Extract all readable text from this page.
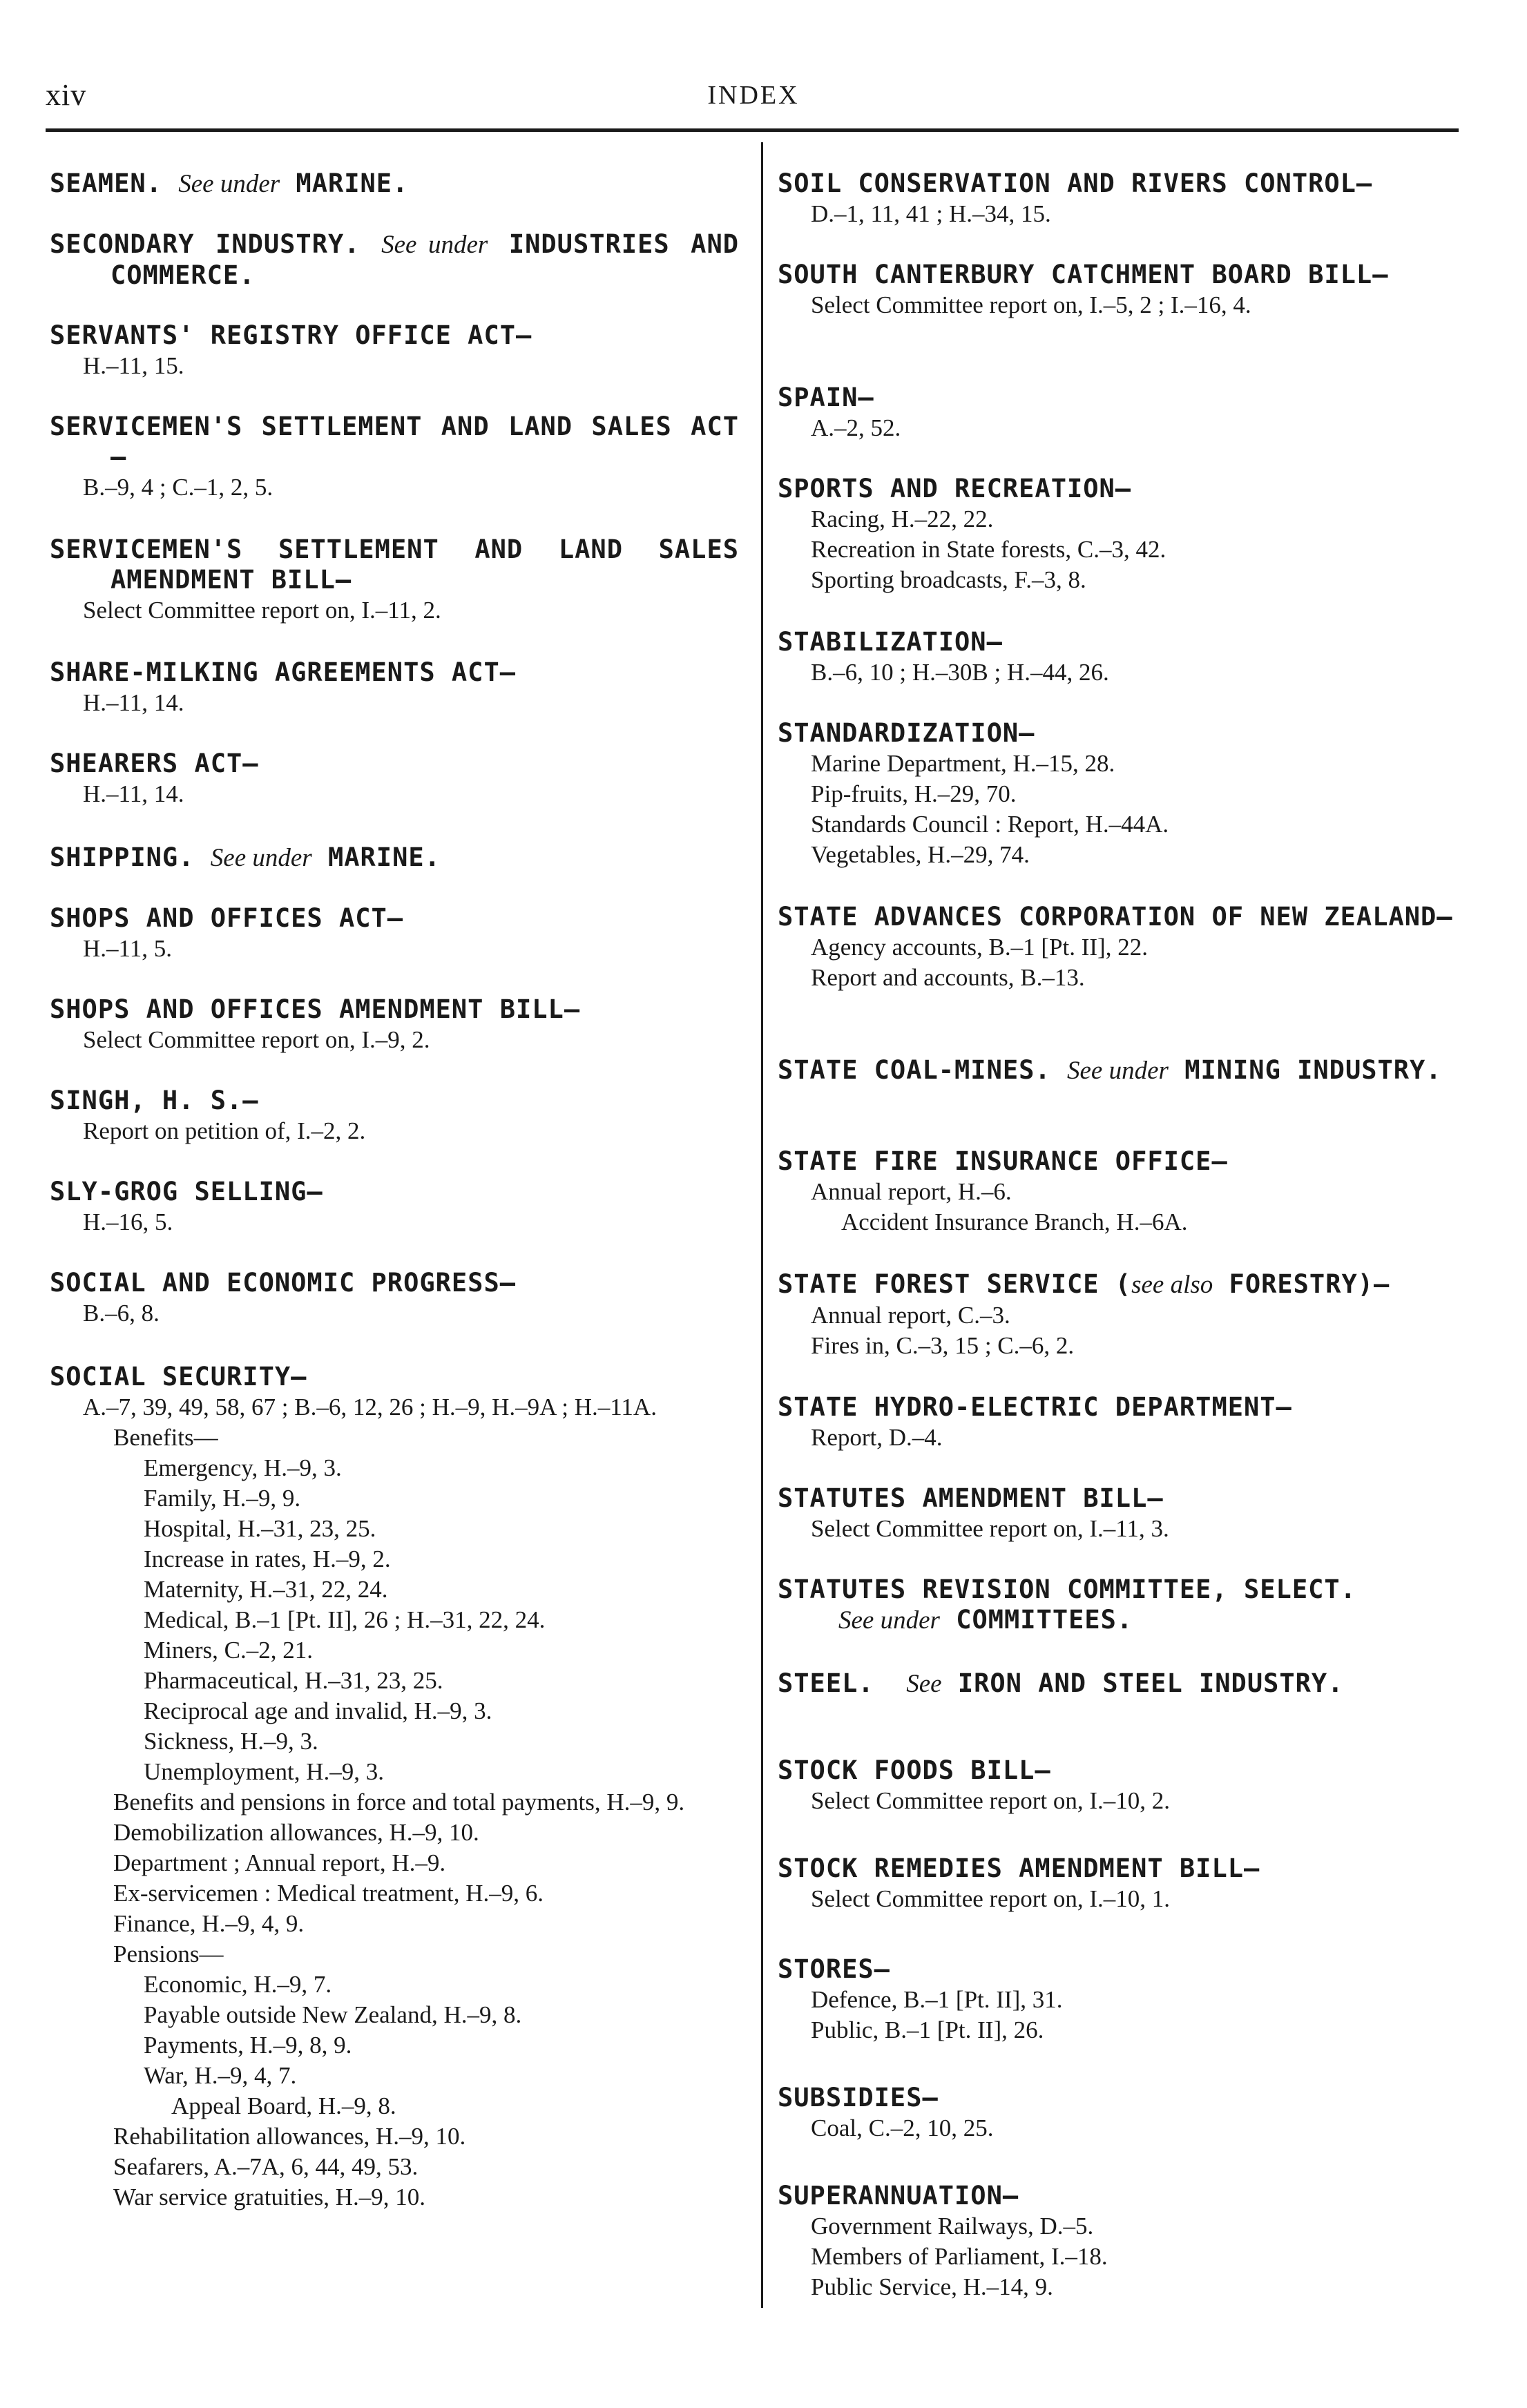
xiv	INDEX
SEAMEN. See under MARINE.
SECONDARY INDUSTRY. See under INDUSTRIES AND COMMERCE.
SERVANTS' REGISTRY OFFICE ACT—
H.–11, 15.
SERVICEMEN'S SETTLEMENT AND LAND SALES ACT—
B.–9, 4 ; C.–1, 2, 5.
SERVICEMEN'S SETTLEMENT AND LAND SALES AMENDMENT BILL—
Select Committee report on, I.–11, 2.
SHARE-MILKING AGREEMENTS ACT—
H.–11, 14.
SHEARERS ACT—
H.–11, 14.
SHIPPING. See under MARINE.
SHOPS AND OFFICES ACT—
H.–11, 5.
SHOPS AND OFFICES AMENDMENT BILL—
Select Committee report on, I.–9, 2.
SINGH, H. S.—
Report on petition of, I.–2, 2.
SLY-GROG SELLING—
H.–16, 5.
SOCIAL AND ECONOMIC PROGRESS—
B.–6, 8.
SOCIAL SECURITY—
A.–7, 39, 49, 58, 67 ; B.–6, 12, 26 ; H.–9, H.–9A ; H.–11A.
Benefits—
Emergency, H.–9, 3.
Family, H.–9, 9.
Hospital, H.–31, 23, 25.
Increase in rates, H.–9, 2.
Maternity, H.–31, 22, 24.
Medical, B.–1 [Pt. II], 26 ; H.–31, 22, 24.
Miners, C.–2, 21.
Pharmaceutical, H.–31, 23, 25.
Reciprocal age and invalid, H.–9, 3.
Sickness, H.–9, 3.
Unemployment, H.–9, 3.
Benefits and pensions in force and total payments, H.–9, 9.
Demobilization allowances, H.–9, 10.
Department ; Annual report, H.–9.
Ex-servicemen : Medical treatment, H.–9, 6.
Finance, H.–9, 4, 9.
Pensions—
Economic, H.–9, 7.
Payable outside New Zealand, H.–9, 8.
Payments, H.–9, 8, 9.
War, H.–9, 4, 7.
Appeal Board, H.–9, 8.
Rehabilitation allowances, H.–9, 10.
Seafarers, A.–7A, 6, 44, 49, 53.
War service gratuities, H.–9, 10.
SOIL CONSERVATION AND RIVERS CONTROL—
D.–1, 11, 41 ; H.–34, 15.
SOUTH CANTERBURY CATCHMENT BOARD BILL—
Select Committee report on, I.–5, 2 ; I.–16, 4.
SPAIN—
A.–2, 52.
SPORTS AND RECREATION—
Racing, H.–22, 22.
Recreation in State forests, C.–3, 42.
Sporting broadcasts, F.–3, 8.
STABILIZATION—
B.–6, 10 ; H.–30B ; H.–44, 26.
STANDARDIZATION—
Marine Department, H.–15, 28.
Pip-fruits, H.–29, 70.
Standards Council : Report, H.–44A.
Vegetables, H.–29, 74.
STATE ADVANCES CORPORATION OF NEW ZEALAND—
Agency accounts, B.–1 [Pt. II], 22.
Report and accounts, B.–13.
STATE COAL-MINES. See under MINING INDUSTRY.
STATE FIRE INSURANCE OFFICE—
Annual report, H.–6.
Accident Insurance Branch, H.–6A.
STATE FOREST SERVICE (see also FORESTRY)—
Annual report, C.–3.
Fires in, C.–3, 15 ; C.–6, 2.
STATE HYDRO-ELECTRIC DEPARTMENT—
Report, D.–4.
STATUTES AMENDMENT BILL—
Select Committee report on, I.–11, 3.
STATUTES REVISION COMMITTEE, SELECT.
See under COMMITTEES.
STEEL. See IRON AND STEEL INDUSTRY.
STOCK FOODS BILL—
Select Committee report on, I.–10, 2.
STOCK REMEDIES AMENDMENT BILL—
Select Committee report on, I.–10, 1.
STORES—
Defence, B.–1 [Pt. II], 31.
Public, B.–1 [Pt. II], 26.
SUBSIDIES—
Coal, C.–2, 10, 25.
SUPERANNUATION—
Government Railways, D.–5.
Members of Parliament, I.–18.
Public Service, H.–14, 9.
